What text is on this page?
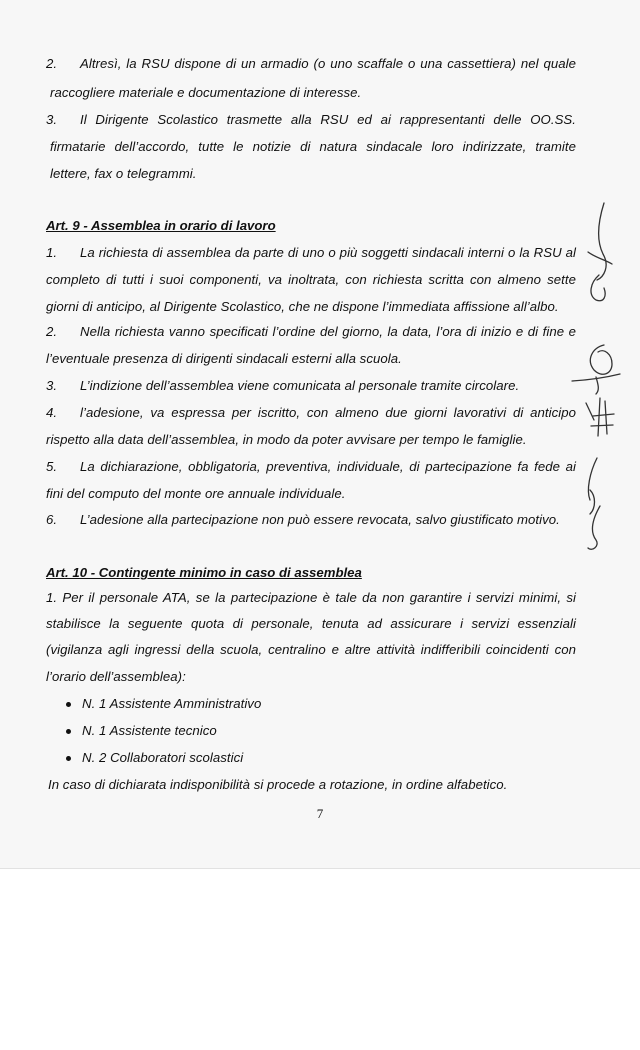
2. Altresì, la RSU dispone di un armadio (o uno scaffale o una cassettiera) nel quale
raccogliere materiale e documentazione di interesse.
3. Il Dirigente Scolastico trasmette alla RSU ed ai rappresentanti delle OO.SS.
firmatarie dell’accordo, tutte le notizie di natura sindacale loro indirizzate, tramite
lettere, fax o telegrammi.
Art. 9 - Assemblea in orario di lavoro
1. La richiesta di assemblea da parte di uno o più soggetti sindacali interni o la RSU al
completo di tutti i suoi componenti, va inoltrata, con richiesta scritta con almeno sette
giorni di anticipo, al Dirigente Scolastico, che ne dispone l’immediata affissione all’albo.
2. Nella richiesta vanno specificati l’ordine del giorno, la data, l’ora di inizio e di fine e
l’eventuale presenza di dirigenti sindacali esterni alla scuola.
3. L’indizione dell’assemblea viene comunicata al personale tramite circolare.
4. l’adesione, va espressa per iscritto, con almeno due giorni lavorativi di anticipo
rispetto alla data dell’assemblea, in modo da poter avvisare per tempo le famiglie.
5. La dichiarazione, obbligatoria, preventiva, individuale, di partecipazione fa fede ai
fini del computo del monte ore annuale individuale.
6. L’adesione alla partecipazione non può essere revocata, salvo giustificato motivo.
Art. 10 - Contingente minimo in caso di assemblea
1. Per il personale ATA, se la partecipazione è tale da non garantire i servizi minimi, si
stabilisce la seguente quota di personale, tenuta ad assicurare i servizi essenziali
(vigilanza agli ingressi della scuola, centralino e altre attività indifferibili coincidenti con
l’orario dell’assemblea):
N. 1 Assistente Amministrativo
N. 1 Assistente tecnico
N. 2 Collaboratori scolastici
In caso di dichiarata indisponibilità si procede a rotazione, in ordine alfabetico.
7
